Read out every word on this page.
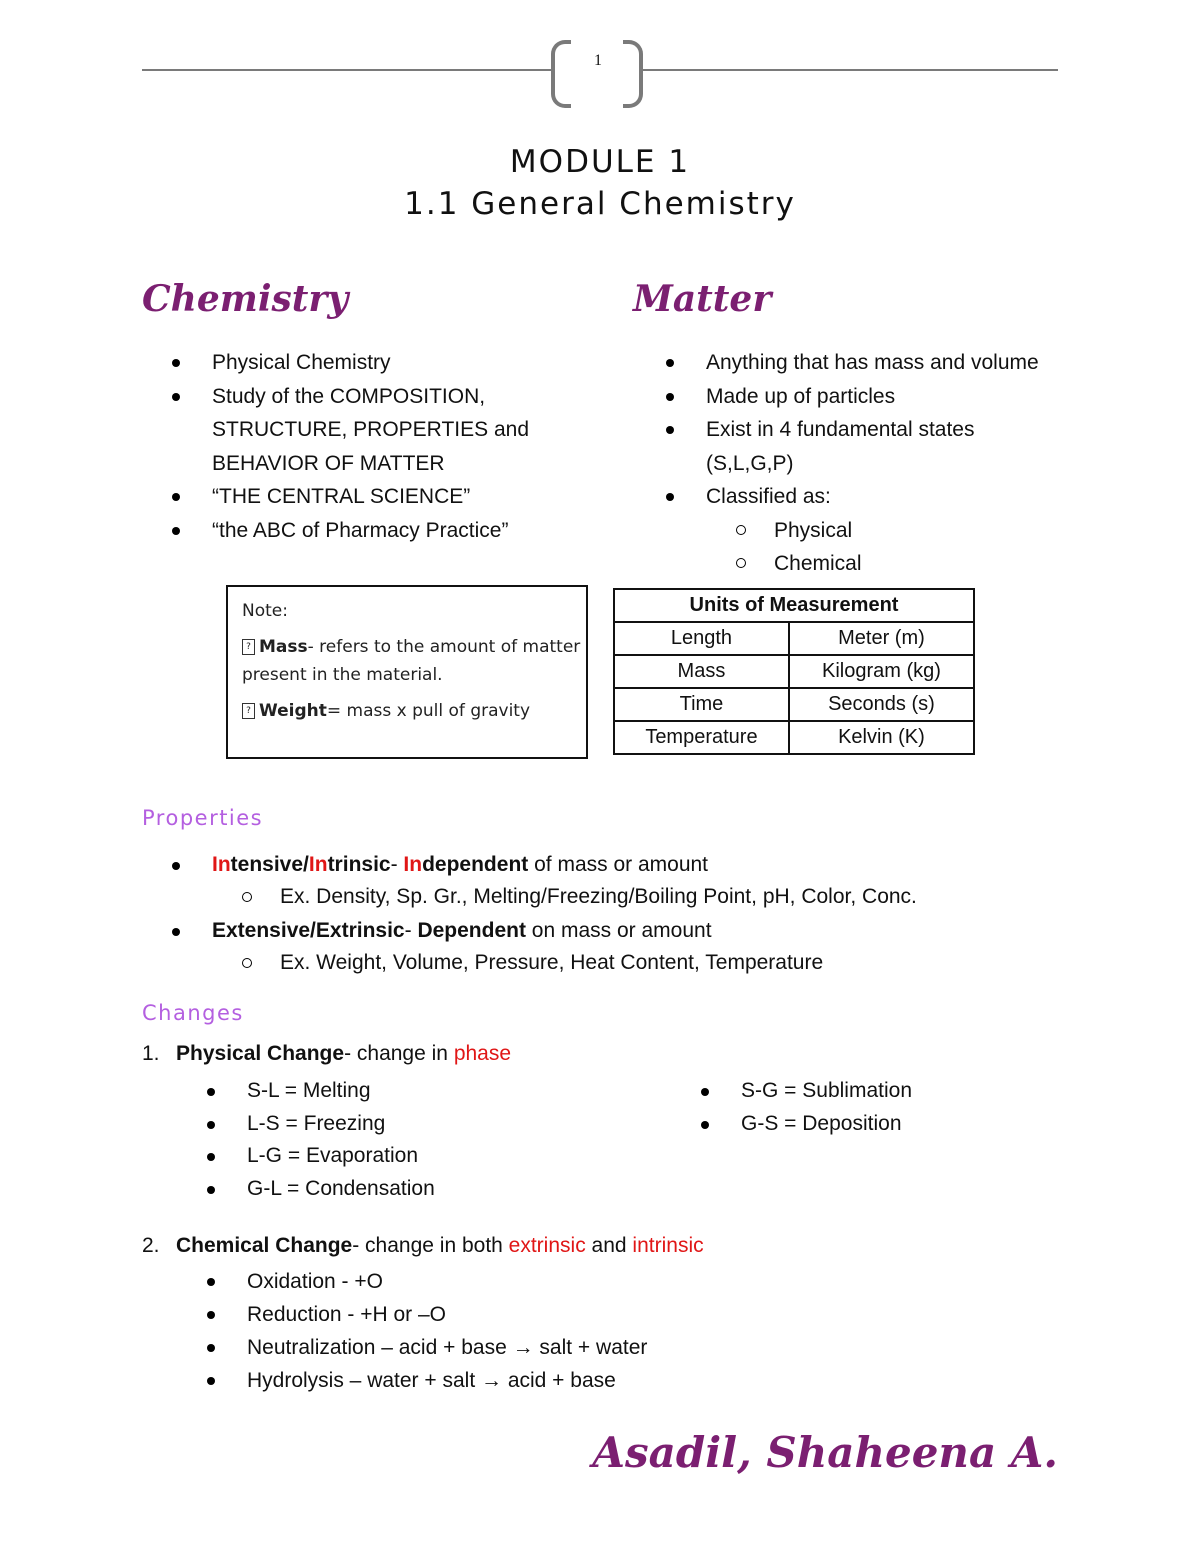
1
MODULE 1
1.1 General Chemistry
Chemistry
Physical Chemistry
Study of the COMPOSITION,
STRUCTURE, PROPERTIES and
BEHAVIOR OF MATTER
“THE CENTRAL SCIENCE”
“the ABC of Pharmacy Practice”
Matter
Anything that has mass and volume
Made up of particles
Exist in 4 fundamental states
(S,L,G,P)
Classified as:
Physical
Chemical
Note:
? Mass- refers to the amount of matter present in the material.
? Weight= mass x pull of gravity
Units of Measurement	
Length	Meter (m)
Mass	Kilogram (kg)
Time	Seconds (s)
Temperature	Kelvin (K)
Properties
Intensive/Intrinsic- Independent of mass or amount
Ex. Density, Sp. Gr., Melting/Freezing/Boiling Point, pH, Color, Conc.
Extensive/Extrinsic- Dependent on mass or amount
Ex. Weight, Volume, Pressure, Heat Content, Temperature
Changes
1. Physical Change- change in phase
S-L = Melting
L-S = Freezing
L-G = Evaporation
G-L = Condensation
S-G = Sublimation
G-S = Deposition
2. Chemical Change- change in both extrinsic and intrinsic
Oxidation - +O
Reduction - +H or –O
Neutralization – acid + base → salt + water
Hydrolysis – water + salt → acid + base
Asadil, Shaheena A.
